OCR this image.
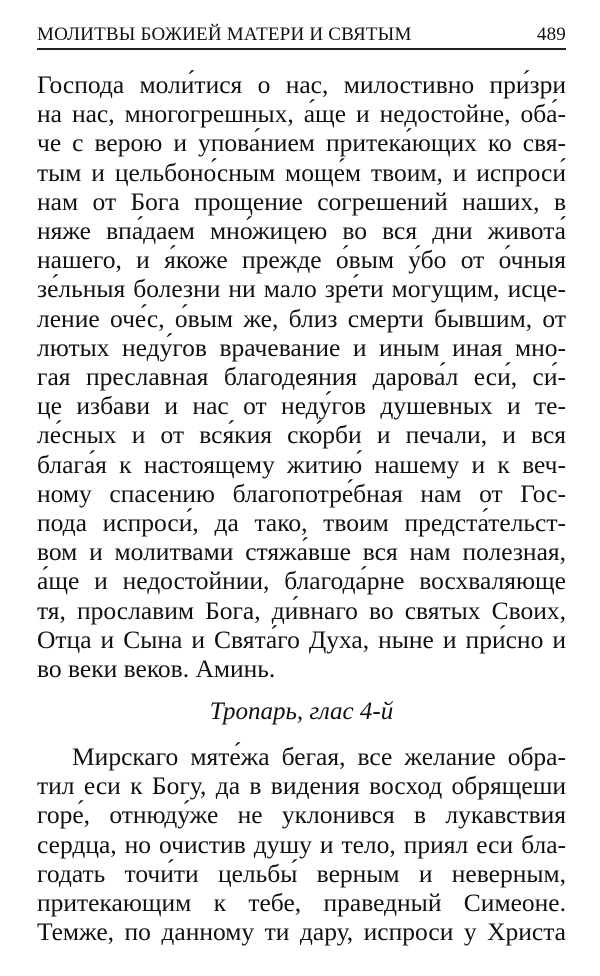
МОЛИТВЫ БОЖИЕЙ МАТЕРИ И СВЯТЫМ	489
Господа моли́тися о нас, милостивно при́зри
на нас, многогрешных, а́ще и недостойне, оба́-
че с верою и упова́нием притека́ющих ко свя-
тым и цельбоно́сным моще́м твоим, и испроси́
нам от Бога прощение согрешений наших, в
няже впа́даем мно́жицею во вся дни живота́
нашего, и я́коже прежде о́вым у́бо от о́чныя
зе́льныя болезни ни мало зре́ти могущим, исце-
ление оче́с, о́вым же, близ смерти бывшим, от
лютых неду́гов врачевание и иным иная мно-
гая преславная благодеяния дарова́л еси́, си́-
це избави и нас от неду́гов душевных и те-
ле́сных и от вся́кия ско́рби и печали, и вся
блага́я к настоящему житию́ нашему и к веч-
ному спасению благопотре́бная нам от Гос-
пода испроси́, да тако, твоим предста́тельст-
вом и молитвами стяжа́вше вся нам полезная,
а́ще и недостойнии, благода́рне восхваляюще
тя, прославим Бога, ди́внаго во святых Своих,
Отца и Сына и Свята́го Духа, ныне и при́сно и
во веки веков. Аминь.
Тропарь, глас 4-й
Мирскаго мяте́жа бегая, все желание обра-
тил еси к Богу, да в видения восход обрящеши
горе́, отнюду́же не уклонився в лукавствия
сердца, но очистив душу и тело, приял еси бла-
годать точи́ти цельбы́ верным и неверным,
притекающим к тебе, праведный Симеоне.
Темже, по данному ти дару, испроси у Христа
